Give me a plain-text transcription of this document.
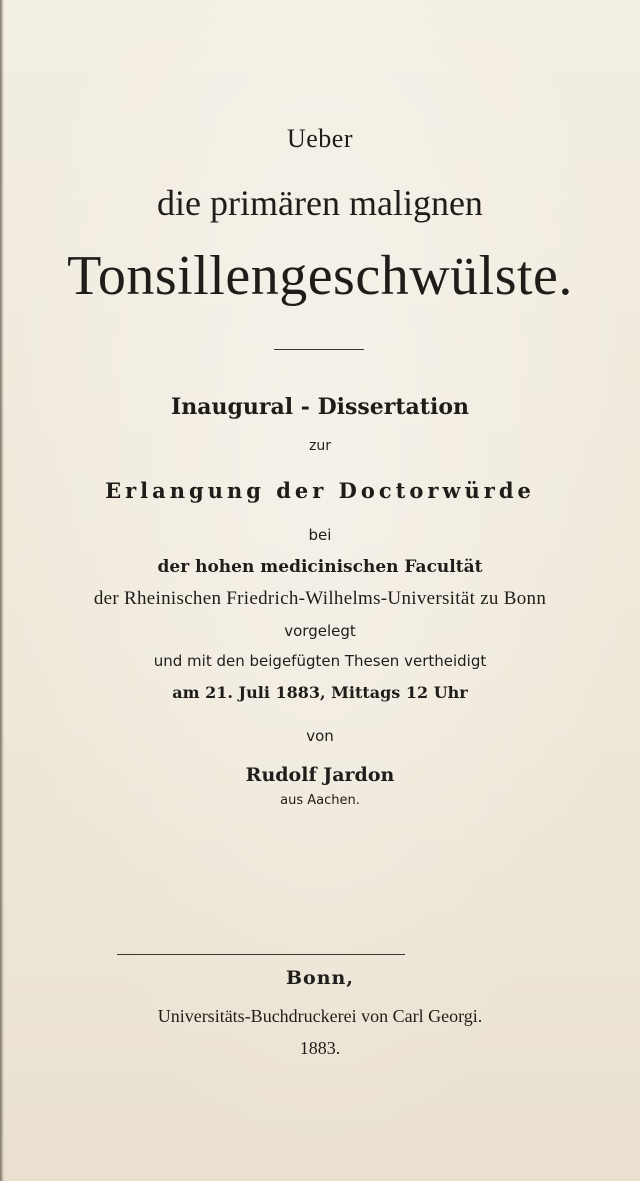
Ueber
die primären malignen
Tonsillengeschwülste.
Inaugural - Dissertation
zur
Erlangung der Doctorwürde
bei
der hohen medicinischen Facultät
der Rheinischen Friedrich-Wilhelms-Universität zu Bonn
vorgelegt
und mit den beigefügten Thesen vertheidigt
am 21. Juli 1883, Mittags 12 Uhr
von
Rudolf Jardon
aus Aachen.
Bonn,
Universitäts-Buchdruckerei von Carl Georgi.
1883.
